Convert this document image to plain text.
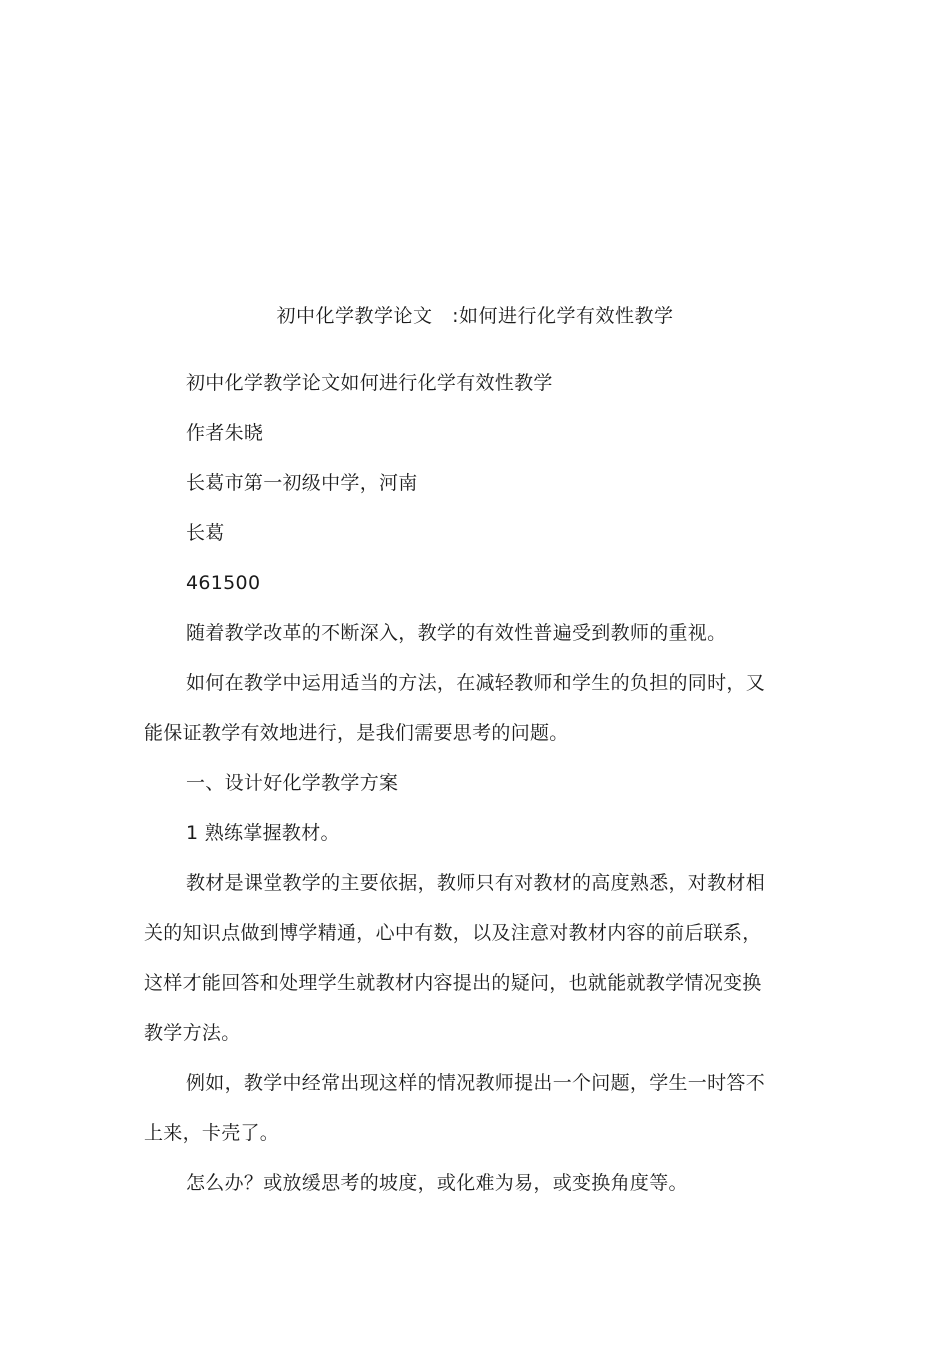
初中化学教学论文   :如何进行化学有效性教学
初中化学教学论文如何进行化学有效性教学
作者朱晓
长葛市第一初级中学，河南
长葛
461500
随着教学改革的不断深入，教学的有效性普遍受到教师的重视。
如何在教学中运用适当的方法，在减轻教师和学生的负担的同时，又
能保证教学有效地进行，是我们需要思考的问题。
一、设计好化学教学方案
1 熟练掌握教材。
教材是课堂教学的主要依据，教师只有对教材的高度熟悉，对教材相
关的知识点做到博学精通，心中有数，以及注意对教材内容的前后联系，
这样才能回答和处理学生就教材内容提出的疑问，也就能就教学情况变换
教学方法。
例如，教学中经常出现这样的情况教师提出一个问题，学生一时答不
上来，卡壳了。
怎么办？或放缓思考的坡度，或化难为易，或变换角度等。
